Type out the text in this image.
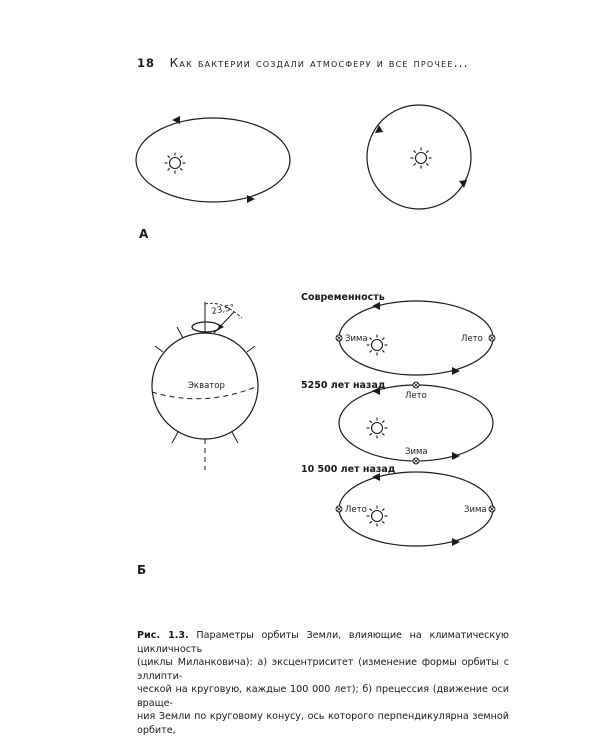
18 Как бактерии создали атмосферу и все прочее...
23,5°
Экватор
Современность
Зима	Лето
5250 лет назад
Лето
Зима
10 500 лет назад
Лето	Зима
А
Б
Рис. 1.3. Параметры орбиты Земли, влияющие на климатическую цикличность
(циклы Миланковича): а) эксцентриситет (изменение формы орбиты с эллипти-
ческой на круговую, каждые 100 000 лет); б) прецессия (движение оси враще-
ния Земли по круговому конусу, ось которого перпендикулярна земной орбите,
